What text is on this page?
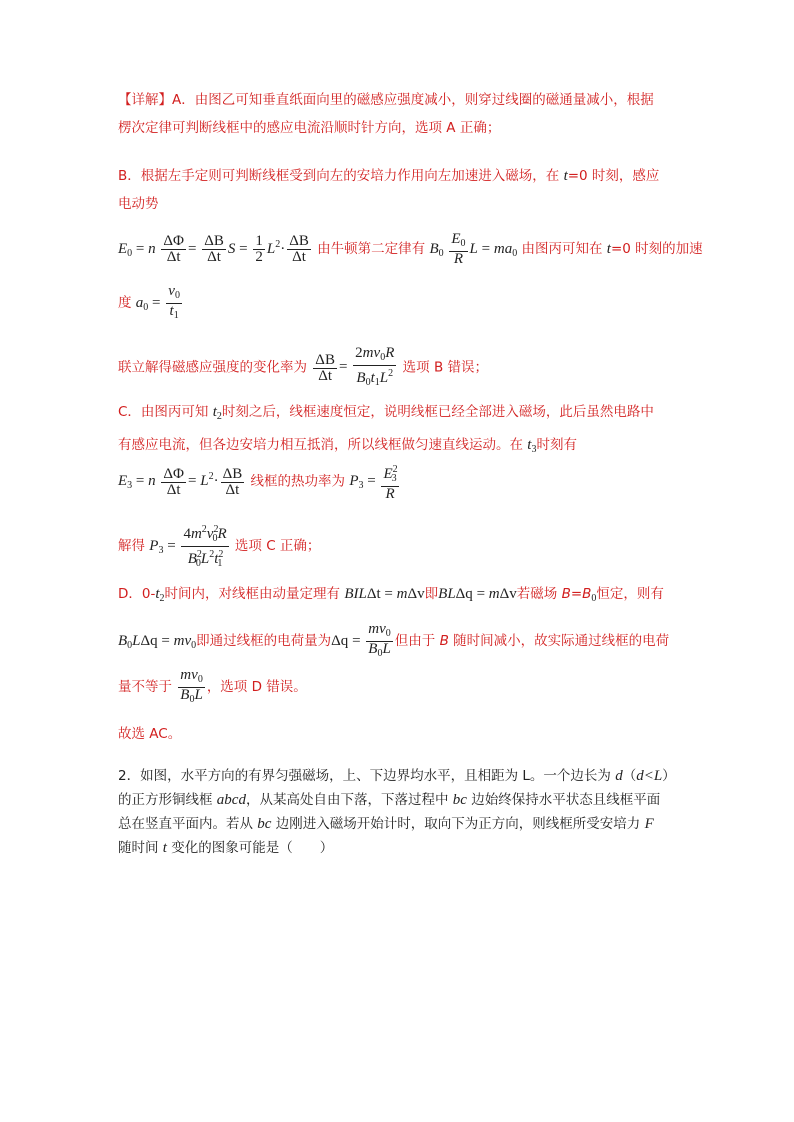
【详解】A．由图乙可知垂直纸面向里的磁感应强度减小，则穿过线圈的磁通量减小，根据
楞次定律可判断线框中的感应电流沿顺时针方向，选项 A 正确；
B．根据左手定则可判断线框受到向左的安培力作用向左加速进入磁场，在 t=0 时刻，感应
电动势
$E_0 = n \frac{\Delta\Phi}{\Delta t} = \frac{\Delta B}{\Delta t}$ $S = \frac{1}{2} L^2\cdot \frac{\Delta B}{\Delta t}$ 由牛顿第二定律有 $B_0 \frac{E_0}{R}$ $L = ma_0$ 由图丙可知在 t=0 时刻的加速
度 $a_0 = \frac{v_0}{t_1}$
联立解得磁感应强度的变化率为 $\frac{\Delta B}{\Delta t} = \frac{2mv_0R}{B_0t_1L^2}$ 选项 B 错误；
C．由图丙可知 $t_2$时刻之后，线框速度恒定，说明线框已经全部进入磁场，此后虽然电路中
有感应电流，但各边安培力相互抵消，所以线框做匀速直线运动。在 $t_3$时刻有
$E_3 = n \frac{\Delta\Phi}{\Delta t} = L^2\cdot \frac{\Delta B}{\Delta t}$ 线框的热功率为 $P_3 = \frac{E^2_3}{R}$
解得 $P_3 = \frac{4m^2v^2_0R}{B^2_0L^2t^2_1}$ 选项 C 正确；
D．$0-t_2$时间内，对线框由动量定理有 BILΔt = mΔv即BLΔq = mΔv若磁场 $B=B_0$恒定，则有
$B_0L\Delta q = mv_0$即通过线框的电荷量为$\Delta q = \frac{mv_0}{B_0L}$ 但由于 B 随时间减小，故实际通过线框的电荷
量不等于 $\frac{mv_0}{B_0L}$ ，选项 D 错误。
故选 AC。
2．如图，水平方向的有界匀强磁场，上、下边界均水平，且相距为 L。一个边长为 d（d<L）
的正方形铜线框 abcd，从某高处自由下落，下落过程中 bc 边始终保持水平状态且线框平面
总在竖直平面内。若从 bc 边刚进入磁场开始计时，取向下为正方向，则线框所受安培力 F
随时间 t 变化的图象可能是（　　）
